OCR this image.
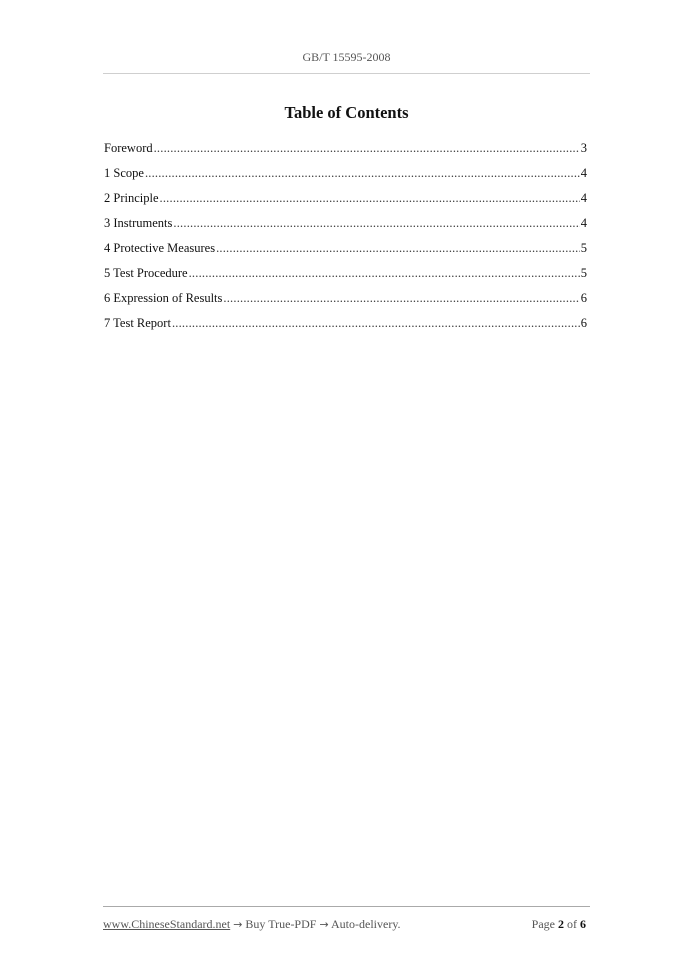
GB/T 15595-2008
Table of Contents
Foreword .....	3
1 Scope .....	4
2 Principle .....	4
3 Instruments .....	4
4 Protective Measures .....	5
5 Test Procedure .....	5
6 Expression of Results .....	6
7 Test Report .....	6
www.ChineseStandard.net → Buy True-PDF → Auto-delivery.	Page 2 of 6
